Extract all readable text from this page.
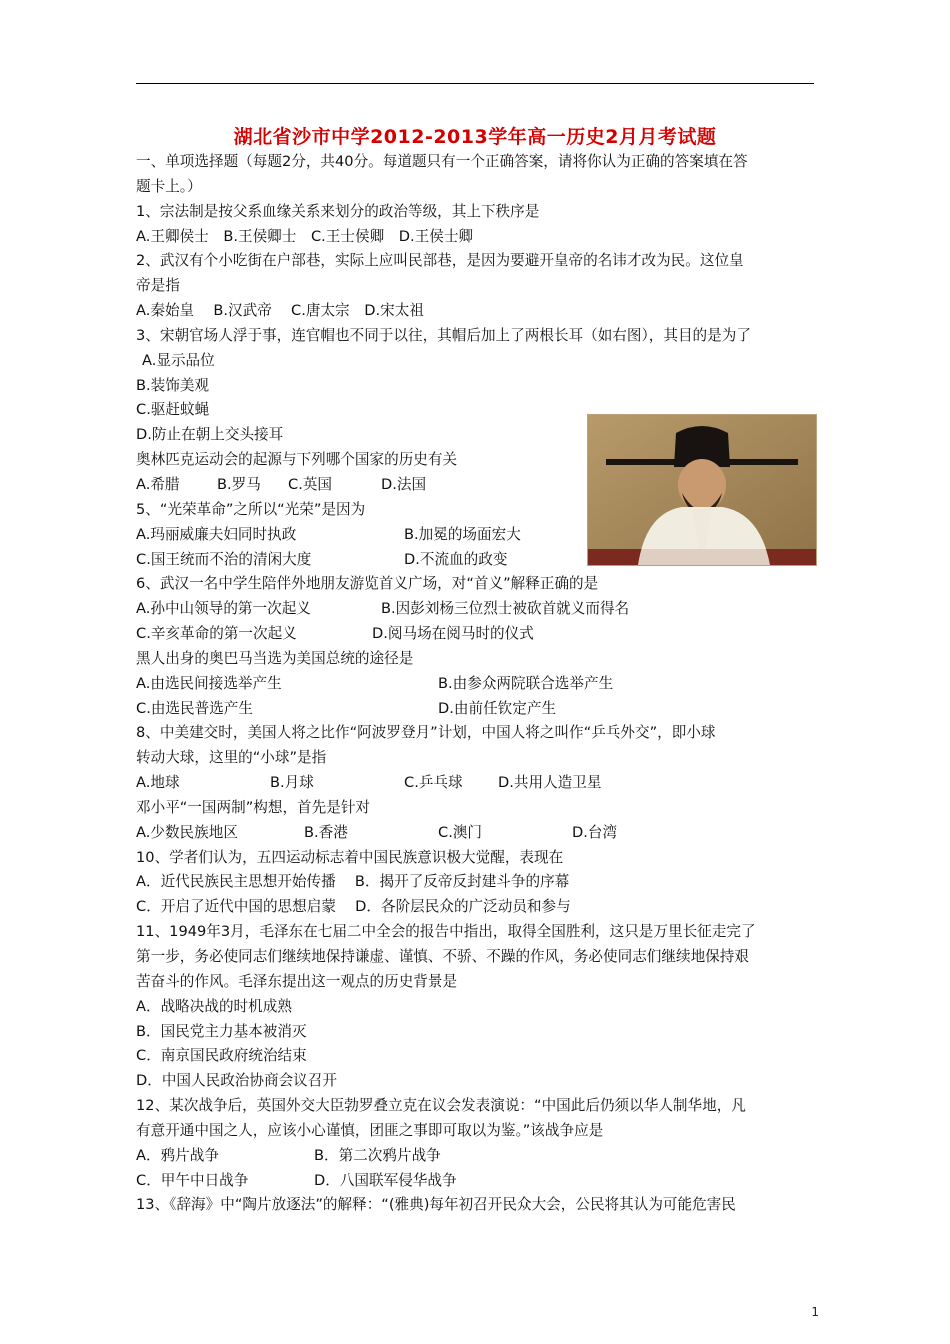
湖北省沙市中学2012-2013学年高一历史2月月考试题
一、单项选择题（每题2分，共40分。每道题只有一个正确答案，请将你认为正确的答案填在答
题卡上。）
1、宗法制是按父系血缘关系来划分的政治等级，其上下秩序是
A.王卿侯士　B.王侯卿士　C.王士侯卿　D.王侯士卿
2、武汉有个小吃街在户部巷，实际上应叫民部巷，是因为要避开皇帝的名讳才改为民。这位皇
帝是指
A.秦始皇　 B.汉武帝　 C.唐太宗　D.宋太祖
3、宋朝官场人浮于事，连官帽也不同于以往，其帽后加上了两根长耳（如右图），其目的是为了
A.显示品位
B.装饰美观
C.驱赶蚊蝇
D.防止在朝上交头接耳
奥林匹克运动会的起源与下列哪个国家的历史有关
A.希腊	B.罗马 C.英国	D.法国
5、“光荣革命”之所以“光荣”是因为
A.玛丽威廉夫妇同时执政	B.加冕的场面宏大
C.国王统而不治的清闲大度	D.不流血的政变
6、武汉一名中学生陪伴外地朋友游览首义广场，对“首义”解释正确的是
A.孙中山领导的第一次起义	B.因彭刘杨三位烈士被砍首就义而得名
C.辛亥革命的第一次起义	D.阅马场在阅马时的仪式
黑人出身的奥巴马当选为美国总统的途径是
A.由选民间接选举产生	B.由参众两院联合选举产生
C.由选民普选产生	D.由前任钦定产生
8、中美建交时，美国人将之比作“阿波罗登月”计划，中国人将之叫作“乒乓外交”，即小球
转动大球，这里的“小球”是指
A.地球	B.月球	C.乒乓球 D.共用人造卫星
邓小平“一国两制”构想，首先是针对
A.少数民族地区	B.香港	C.澳门	D.台湾
10、学者们认为，五四运动标志着中国民族意识极大觉醒，表现在
A．近代民族民主思想开始传播　 B．揭开了反帝反封建斗争的序幕
C．开启了近代中国的思想启蒙　 D．各阶层民众的广泛动员和参与
11、1949年3月，毛泽东在七届二中全会的报告中指出，取得全国胜利，这只是万里长征走完了
第一步，务必使同志们继续地保持谦虚、谨慎、不骄、不躁的作风，务必使同志们继续地保持艰
苦奋斗的作风。毛泽东提出这一观点的历史背景是
A．战略决战的时机成熟
B．国民党主力基本被消灭
C．南京国民政府统治结束
D．中国人民政治协商会议召开
12、某次战争后，英国外交大臣勃罗叠立克在议会发表演说：“中国此后仍须以华人制华地，凡
有意开通中国之人，应该小心谨慎，团匪之事即可取以为鉴。”该战争应是
A．鸦片战争	B．第二次鸦片战争
C．甲午中日战争	D．八国联军侵华战争
13、《辞海》中“陶片放逐法”的解释：“(雅典)每年初召开民众大会，公民将其认为可能危害民
1
